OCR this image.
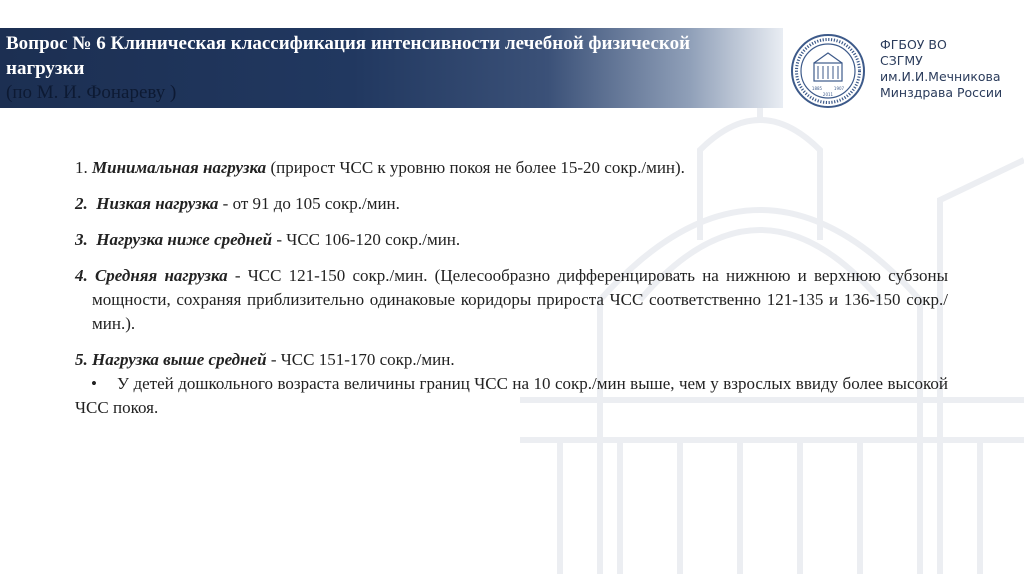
Вопрос № 6 Клиническая классификация интенсивности лечебной физической нагрузки

(по М. И. Фонареву )	1885	1907
2011
ФГБОУ ВО
СЗГМУ
им.И.И.Мечникова
Минздрава России

1. Минимальная нагрузка (прирост ЧСС к уровню покоя не более 15-20 сокр./мин).

2. Низкая нагрузка - от 91 до 105 сокр./мин.

3. Нагрузка ниже средней - ЧСС 106-120 сокр./мин.

4. Средняя нагрузка - ЧСС 121-150 сокр./мин. (Целесообразно дифференцировать на нижнюю и верхнюю субзоны мощности, сохраняя приблизительно одинаковые коридоры прироста ЧСС соответственно 121-135 и 136-150 сокр./мин.).

5. Нагрузка выше средней - ЧСС 151-170 сокр./мин.

• У детей дошкольного возраста величины границ ЧСС на 10 сокр./мин выше, чем у взрослых ввиду более высокой ЧСС покоя.
